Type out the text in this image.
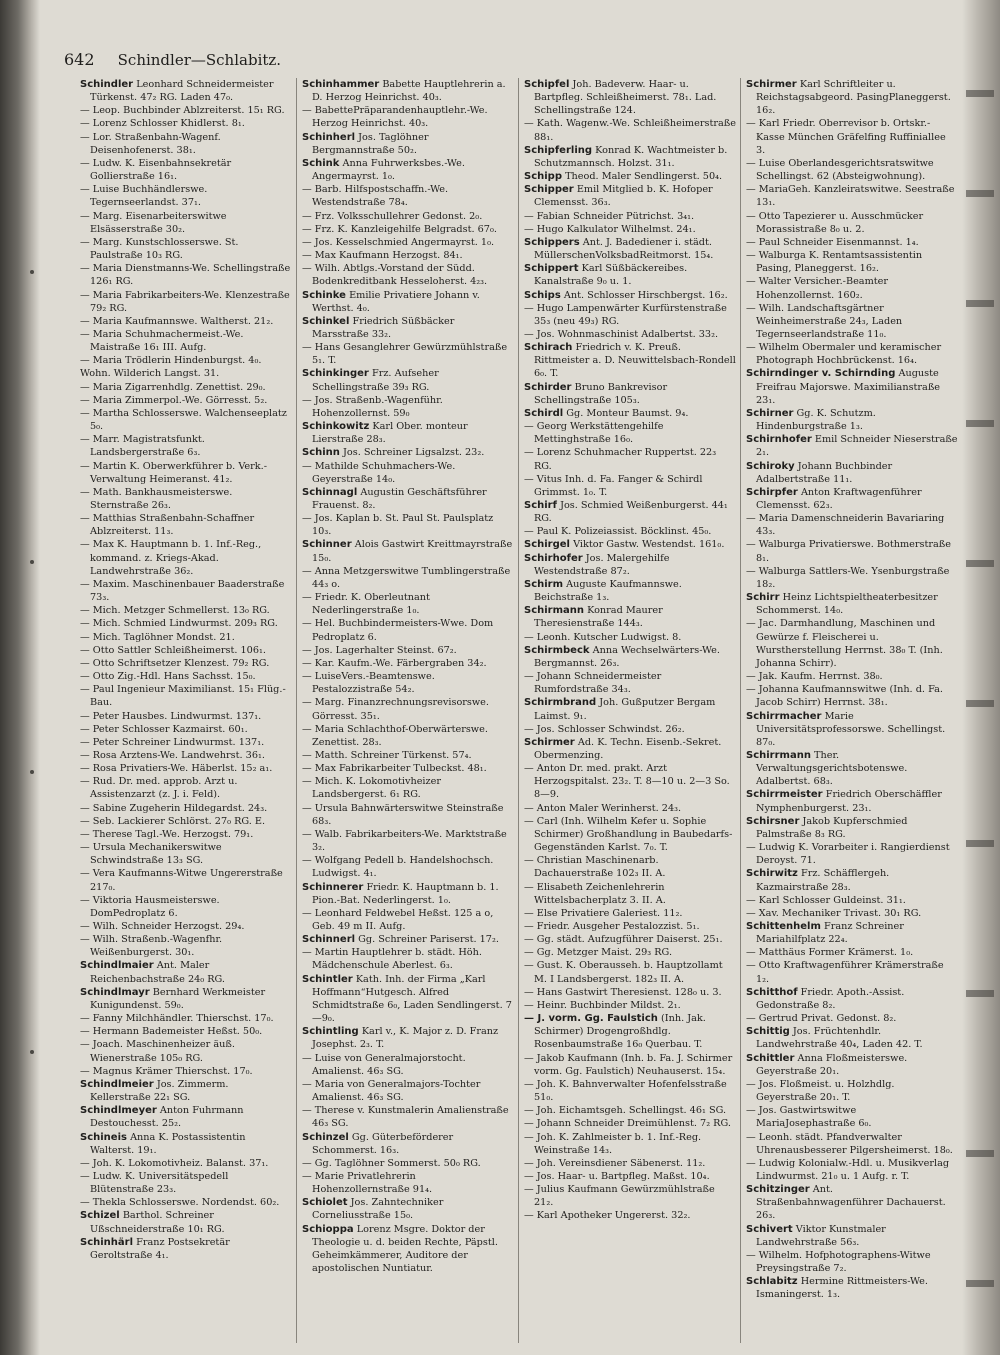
642 Schindler—Schlabitz.

Schindler Leonhard Schneidermeister Türkenst. 47₂ RG. Laden 47₀.

— Leop. Buchbinder Ablzreiterst. 15₁ RG.

— Lorenz Schlosser Khidlerst. 8₁.

— Lor. Straßenbahn-Wagenf. Deisenhofenerst. 38₁.

— Ludw. K. Eisenbahnsekretär Gollierstraße 16₁.

— Luise Buchhändlerswe. Tegernseerlandst. 37₁.

— Marg. Eisenarbeiterswitwe Elsässerstraße 30₂.

— Marg. Kunstschlosserswe. St. Paulstraße 10₃ RG.

— Maria Dienstmanns-We. Schellingstraße 126₁ RG.

— Maria Fabrikarbeiters-We. Klenzestraße 79₂ RG.

— Maria Kaufmannswe. Waltherst. 21₂.

— Maria Schuhmachermeist.-We. Maistraße 16₁ III. Aufg.

— Maria Trödlerin Hindenburgst. 4₀.

Wohn. Wilderich Langst. 31.

— Maria Zigarrenhdlg. Zenettist. 29₀.

— Maria Zimmerpol.-We. Görresst. 5₂.

— Martha Schlosserswe. Walchenseeplatz 5₀.

— Marr. Magistratsfunkt. Landsbergerstraße 6₃.

— Martin K. Oberwerkführer b. Verk.-Verwaltung Heimeranst. 41₂.

— Math. Bankhausmeisterswe. Sternstraße 26₃.

— Matthias Straßenbahn-Schaffner Ablzreiterst. 11₃.

— Max K. Hauptmann b. 1. Inf.-Reg., kommand. z. Kriegs-Akad. Landwehrstraße 36₂.

— Maxim. Maschinenbauer Baaderstraße 73₃.

— Mich. Metzger Schmellerst. 13₀ RG.

— Mich. Schmied Lindwurmst. 209₃ RG.

— Mich. Taglöhner Mondst. 21.

— Otto Sattler Schleißheimerst. 106₁.

— Otto Schriftsetzer Klenzest. 79₂ RG.

— Otto Zig.-Hdl. Hans Sachsst. 15₀.

— Paul Ingenieur Maximilianst. 15₁ Flüg.-Bau.

— Peter Hausbes. Lindwurmst. 137₁.

— Peter Schlosser Kazmairst. 60₁.

— Peter Schreiner Lindwurmst. 137₁.

— Rosa Arztens-We. Landwehrst. 36₁.

— Rosa Privatiers-We. Häberlst. 15₂ a₁.

— Rud. Dr. med. approb. Arzt u. Assistenzarzt (z. J. i. Feld).

— Sabine Zugeherin Hildegardst. 24₃.

— Seb. Lackierer Schlörst. 27₀ RG. E.

— Therese Tagl.-We. Herzogst. 79₁.

— Ursula Mechanikerswitwe Schwindstraße 13₃ SG.

— Vera Kaufmanns-Witwe Ungererstraße 217₀.

— Viktoria Hausmeisterswe. DomPedroplatz 6.

— Wilh. Schneider Herzogst. 29₄.

— Wilh. Straßenb.-Wagenfhr. Weißenburgerst. 30₁.

Schindlmaier Ant. Maler Reichenbachstraße 24₀ RG.

Schindlmayr Bernhard Werkmeister Kunigundenst. 59₀.

— Fanny Milchhändler. Thierschst. 17₀.

— Hermann Bademeister Heßst. 50₀.

— Joach. Maschinenheizer äuß. Wienerstraße 105₀ RG.

— Magnus Krämer Thierschst. 17₀.

Schindlmeier Jos. Zimmerm. Kellerstraße 22₁ SG.

Schindlmeyer Anton Fuhrmann Destouchesst. 25₂.

Schineis Anna K. Postassistentin Walterst. 19₁.

— Joh. K. Lokomotivheiz. Balanst. 37₁.

— Ludw. K. Universitätspedell Blütenstraße 23₃.

— Thekla Schlosserswe. Nordendst. 60₂.

Schizel Barthol. Schreiner Ußschneiderstraße 10₁ RG.

Schinhärl Franz Postsekretär Geroltstraße 4₁.

Schinhammer Babette Hauptlehrerin a. D. Herzog Heinrichst. 40₃.

— BabettePräparandenhauptlehr.-We. Herzog Heinrichst. 40₃.

Schinherl Jos. Taglöhner Bergmannstraße 50₂.

Schink Anna Fuhrwerksbes.-We. Angermayrst. 1₀.

— Barb. Hilfspostschaffn.-We. Westendstraße 78₄.

— Frz. Volksschullehrer Gedonst. 2₀.

— Frz. K. Kanzleigehilfe Belgradst. 67₀.

— Jos. Kesselschmied Angermayrst. 1₀.

— Max Kaufmann Herzogst. 84₁.

— Wilh. Abtlgs.-Vorstand der Südd. Bodenkreditbank Hesseloherst. 4₂₃.

Schinke Emilie Privatiere Johann v. Werthst. 4₀.

Schinkel Friedrich Süßbäcker Marsstraße 33₂.

— Hans Gesanglehrer Gewürzmühlstraße 5₁. T.

Schinkinger Frz. Aufseher Schellingstraße 39₃ RG.

— Jos. Straßenb.-Wagenführ. Hohenzollernst. 59₀

Schinkowitz Karl Ober. monteur Lierstraße 28₃.

Schinn Jos. Schreiner Ligsalzst. 23₂.

— Mathilde Schuhmachers-We. Geyerstraße 14₀.

Schinnagl Augustin Geschäftsführer Frauenst. 8₂.

— Jos. Kaplan b. St. Paul St. Paulsplatz 10₃.

Schinner Alois Gastwirt Kreittmayrstraße 15₀.

— Anna Metzgerswitwe Tumblingerstraße 44₃ o.

— Friedr. K. Oberleutnant Nederlingerstraße 1₀.

— Hel. Buchbindermeisters-Wwe. Dom Pedroplatz 6.

— Jos. Lagerhalter Steinst. 67₂.

— Kar. Kaufm.-We. Färbergraben 34₂.

— LuiseVers.-Beamtenswe. Pestalozzistraße 54₂.

— Marg. Finanzrechnungsrevisorswe. Görresst. 35₁.

— Maria Schlachthof-Oberwärterswe. Zenettist. 28₃.

— Matth. Schreiner Türkenst. 57₄.

— Max Fabrikarbeiter Tulbeckst. 48₁.

— Mich. K. Lokomotivheizer Landsbergerst. 6₁ RG.

— Ursula Bahnwärterswitwe Steinstraße 68₃.

— Walb. Fabrikarbeiters-We. Marktstraße 3₂.

— Wolfgang Pedell b. Handelshochsch. Ludwigst. 4₁.

Schinnerer Friedr. K. Hauptmann b. 1. Pion.-Bat. Nederlingerst. 1₀.

— Leonhard Feldwebel Heßst. 125 a o, Geb. 49 m II. Aufg.

Schinnerl Gg. Schreiner Pariserst. 17₂.

— Martin Hauptlehrer b. städt. Höh. Mädchenschule Aberlest. 6₃.

Schintler Kath. Inh. der Firma „Karl Hoffmann“Hutgesch. Alfred Schmidtstraße 6₀, Laden Sendlingerst. 7—9₀.

Schintling Karl v., K. Major z. D. Franz Josephst. 2₃. T.

— Luise von Generalmajorstocht. Amalienst. 46₃ SG.

— Maria von Generalmajors-Tochter Amalienst. 46₃ SG.

— Therese v. Kunstmalerin Amalienstraße 46₃ SG.

Schinzel Gg. Güterbeförderer Schommerst. 16₃.

— Gg. Taglöhner Sommerst. 50₀ RG.

— Marie Privatlehrerin Hohenzollernstraße 91₄.

Schiolet Jos. Zahntechniker Corneliusstraße 15₀.

Schioppa Lorenz Msgre. Doktor der Theologie u. d. beiden Rechte, Päpstl. Geheimkämmerer, Auditore der apostolischen Nuntiatur.

Schipfel Joh. Badeverw. Haar- u. Bartpfleg. Schleißheimerst. 78₁. Lad. Schellingstraße 124.

— Kath. Wagenw.-We. Schleißheimerstraße 88₁.

Schipferling Konrad K. Wachtmeister b. Schutzmannsch. Holzst. 31₁.

Schipp Theod. Maler Sendlingerst. 50₄.

Schipper Emil Mitglied b. K. Hofoper Clemensst. 36₃.

— Fabian Schneider Pütrichst. 3₄₁.

— Hugo Kalkulator Wilhelmst. 24₁.

Schippers Ant. J. Badediener i. städt. MüllerschenVolksbadReitmorst. 15₄.

Schippert Karl Süßbäckereibes. Kanalstraße 9₀ u. 1.

Schips Ant. Schlosser Hirschbergst. 16₂.

— Hugo Lampenwärter Kurfürstenstraße 35₃ (neu 49₃) RG.

— Jos. Wohnmaschinist Adalbertst. 33₂.

Schirach Friedrich v. K. Preuß. Rittmeister a. D. Neuwittelsbach-Rondell 6₀. T.

Schirder Bruno Bankrevisor Schellingstraße 105₃.

Schirdl Gg. Monteur Baumst. 9₄.

— Georg Werkstättengehilfe Mettinghstraße 16₀.

— Lorenz Schuhmacher Ruppertst. 22₃ RG.

— Vitus Inh. d. Fa. Fanger & Schirdl Grimmst. 1₀. T.

Schirf Jos. Schmied Weißenburgerst. 44₁ RG.

— Paul K. Polizeiassist. Böcklinst. 45₀.

Schirgel Viktor Gastw. Westendst. 161₀.

Schirhofer Jos. Malergehilfe Westendstraße 87₂.

Schirm Auguste Kaufmannswe. Beichstraße 1₃.

Schirmann Konrad Maurer Theresienstraße 144₃.

— Leonh. Kutscher Ludwigst. 8.

Schirmbeck Anna Wechselwärters-We. Bergmannst. 26₃.

— Johann Schneidermeister Rumfordstraße 34₃.

Schirmbrand Joh. Gußputzer Bergam Laimst. 9₁.

— Jos. Schlosser Schwindst. 26₂.

Schirmer Ad. K. Techn. Eisenb.-Sekret. Obermenzing.

— Anton Dr. med. prakt. Arzt Herzogspitalst. 23₂. T. 8—10 u. 2—3 So. 8—9.

— Anton Maler Werinherst. 24₃.

— Carl (Inh. Wilhelm Kefer u. Sophie Schirmer) Großhandlung in Baubedarfs-Gegenständen Karlst. 7₀. T.

— Christian Maschinenarb. Dachauerstraße 102₃ II. A.

— Elisabeth Zeichenlehrerin Wittelsbacherplatz 3. II. A.

— Else Privatiere Galeriest. 11₂.

— Friedr. Ausgeher Pestalozzist. 5₁.

— Gg. städt. Aufzugführer Daiserst. 25₁.

— Gg. Metzger Maist. 29₃ RG.

— Gust. K. Oberausseh. b. Hauptzollamt M. I Landsbergerst. 182₃ II. A.

— Hans Gastwirt Theresienst. 128₀ u. 3.

— Heinr. Buchbinder Mildst. 2₁.

— J. vorm. Gg. Faulstich (Inh. Jak. Schirmer) Drogengroßhdlg. Rosenbaumstraße 16₀ Querbau. T.

— Jakob Kaufmann (Inh. b. Fa. J. Schirmer vorm. Gg. Faulstich) Neuhauserst. 15₄.

— Joh. K. Bahnverwalter Hofenfelsstraße 51₀.

— Joh. Eichamtsgeh. Schellingst. 46₁ SG.

— Johann Schneider Dreimühlenst. 7₂ RG.

— Joh. K. Zahlmeister b. 1. Inf.-Reg. Weinstraße 14₃.

— Joh. Vereinsdiener Säbenerst. 11₂.

— Jos. Haar- u. Bartpfleg. Maßst. 10₄.

— Julius Kaufmann Gewürzmühlstraße 21₂.

— Karl Apotheker Ungererst. 32₂.

Schirmer Karl Schriftleiter u. Reichstagsabgeord. PasingPlaneggerst. 16₂.

— Karl Friedr. Oberrevisor b. Ortskr.-Kasse München Gräfelfing Ruffiniallee 3.

— Luise Oberlandesgerichtsratswitwe Schellingst. 62 (Absteigwohnung).

— MariaGeh. Kanzleiratswitwe. Seestraße 13₁.

— Otto Tapezierer u. Ausschmücker Morassistraße 8₀ u. 2.

— Paul Schneider Eisenmannst. 1₄.

— Walburga K. Rentamtsassistentin Pasing, Planeggerst. 16₂.

— Walter Versicher.-Beamter Hohenzollernst. 160₂.

— Wilh. Landschaftsgärtner Weinheimerstraße 24₃, Laden Tegernseerlandstraße 11₀.

— Wilhelm Obermaler und keramischer Photograph Hochbrückenst. 16₄.

Schirndinger v. Schirnding Auguste Freifrau Majorswe. Maximilianstraße 23₁.

Schirner Gg. K. Schutzm. Hindenburgstraße 1₃.

Schirnhofer Emil Schneider Nieserstraße 2₁.

Schiroky Johann Buchbinder Adalbertstraße 11₁.

Schirpfer Anton Kraftwagenführer Clemensst. 62₃.

— Maria Damenschneiderin Bavariaring 43₃.

— Walburga Privatierswe. Bothmerstraße 8₁.

— Walburga Sattlers-We. Ysenburgstraße 18₂.

Schirr Heinz Lichtspieltheaterbesitzer Schommerst. 14₀.

— Jac. Darmhandlung, Maschinen und Gewürze f. Fleischerei u. Wurstherstellung Herrnst. 38₀ T. (Inh. Johanna Schirr).

— Jak. Kaufm. Herrnst. 38₀.

— Johanna Kaufmannswitwe (Inh. d. Fa. Jacob Schirr) Herrnst. 38₁.

Schirrmacher Marie Universitätsprofessorswe. Schellingst. 87₀.

Schirrmann Ther. Verwaltungsgerichtsbotenswe. Adalbertst. 68₃.

Schirrmeister Friedrich Oberschäffler Nymphenburgerst. 23₁.

Schirsner Jakob Kupferschmied Palmstraße 8₃ RG.

— Ludwig K. Vorarbeiter i. Rangierdienst Deroyst. 71.

Schirwitz Frz. Schäfflergeh. Kazmairstraße 28₃.

— Karl Schlosser Guldeinst. 31₁.

— Xav. Mechaniker Trivast. 30₁ RG.

Schittenhelm Franz Schreiner Mariahilfplatz 22₄.

— Matthäus Former Krämerst. 1₀.

— Otto Kraftwagenführer Krämerstraße 1₂.

Schitthof Friedr. Apoth.-Assist. Gedonstraße 8₂.

— Gertrud Privat. Gedonst. 8₂.

Schittig Jos. Früchtenhdlr. Landwehrstraße 40₄, Laden 42. T.

Schittler Anna Floßmeisterswe. Geyerstraße 20₁.

— Jos. Floßmeist. u. Holzhdlg. Geyerstraße 20₁. T.

— Jos. Gastwirtswitwe MariaJosephastraße 6₀.

— Leonh. städt. Pfandverwalter Uhrenausbesserer Pilgersheimerst. 18₀.

— Ludwig Kolonialw.-Hdl. u. Musikverlag Lindwurmst. 21₀ u. 1 Aufg. r. T.

Schitzinger Ant. Straßenbahnwagenführer Dachauerst. 26₃.

Schivert Viktor Kunstmaler Landwehrstraße 56₃.

— Wilhelm. Hofphotographens-Witwe Preysingstraße 7₂.

Schlabitz Hermine Rittmeisters-We. Ismaningerst. 1₃.
